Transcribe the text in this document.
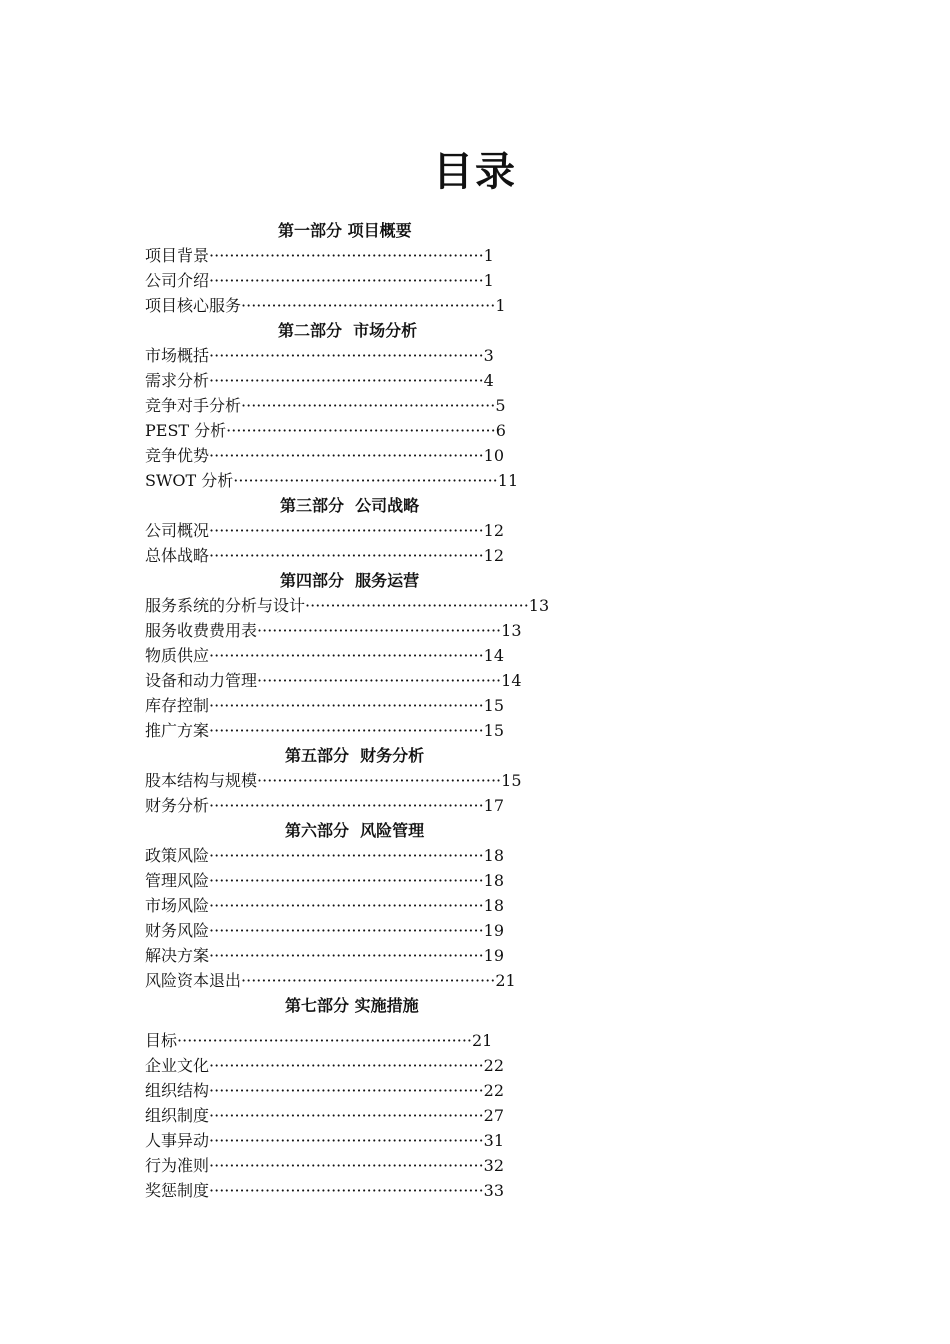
目录
第一部分 项目概要
项目背景······················································1
公司介绍······················································1
项目核心服务··················································1
第二部分  市场分析
市场概括······················································3
需求分析······················································4
竞争对手分析··················································5
PEST 分析·····················································6
竞争优势······················································10
SWOT 分析····················································11
第三部分  公司战略
公司概况······················································12
总体战略······················································12
第四部分  服务运营
服务系统的分析与设计············································13
服务收费费用表················································13
物质供应······················································14
设备和动力管理················································14
库存控制······················································15
推广方案······················································15
第五部分  财务分析
股本结构与规模················································15
财务分析······················································17
第六部分  风险管理
政策风险······················································18
管理风险······················································18
市场风险······················································18
财务风险······················································19
解决方案······················································19
风险资本退出··················································21
第七部分 实施措施
目标··························································21
企业文化······················································22
组织结构······················································22
组织制度······················································27
人事异动······················································31
行为准则······················································32
奖惩制度······················································33
